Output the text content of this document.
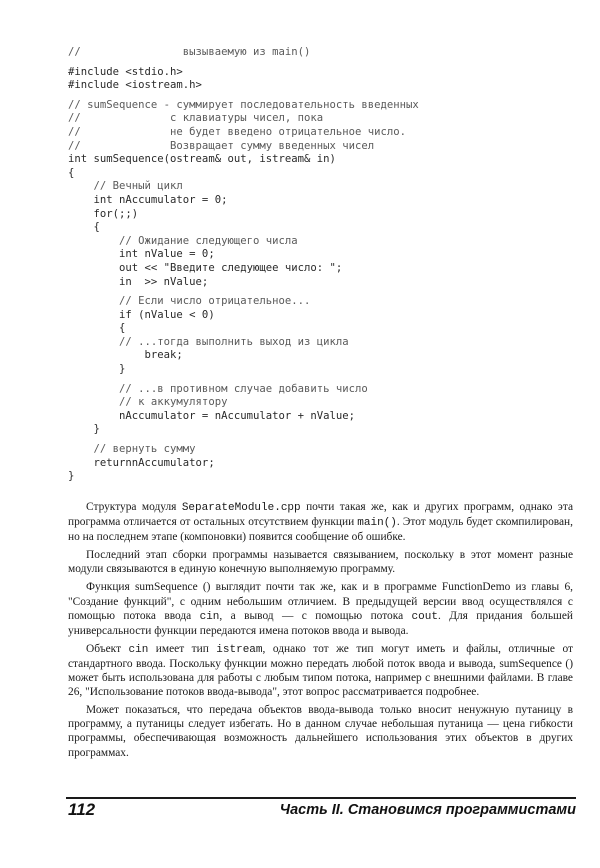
//                вызываемую из main()
#include <stdio.h>
#include <iostream.h>
// sumSequence - суммирует последовательность введенных
//              с клавиатуры чисел, пока
//              не будет введено отрицательное число.
//              Возвращает сумму введенных чисел
int sumSequence(ostream& out, istream& in)
{
// Вечный цикл
int nAccumulator = 0;
for(;;)
{
// Ожидание следующего числа
int nValue = 0;
out << "Введите следующее число: ";
in  >> nValue;
// Если число отрицательное...
if (nValue < 0)
{
// ...тогда выполнить выход из цикла
break;
}
// ...в противном случае добавить число
// к аккумулятору
nAccumulator = nAccumulator + nValue;
}
// вернуть сумму
returnnAccumulator;
}

Структура модуля SeparateModule.cpp почти такая же, как и других программ, однако эта программа отличается от остальных отсутствием функции main(). Этот модуль будет скомпилирован, но на последнем этапе (компоновки) появится сообщение об ошибке.

Последний этап сборки программы называется связыванием, поскольку в этот момент разные модули связываются в единую конечную выполняемую программу.

Функция sumSequence () выглядит почти так же, как и в программе FunctionDemo из главы 6, "Создание функций", с одним небольшим отличием. В предыдущей версии ввод осуществлялся с помощью потока ввода cin, а вывод — с помощью потока cout. Для придания большей универсальности функции передаются имена потоков ввода и вывода.

Объект cin имеет тип istream, однако тот же тип могут иметь и файлы, отличные от стандартного ввода. Поскольку функции можно передать любой поток ввода и вывода, sumSequence () может быть использована для работы с любым типом потока, например с внешними файлами. В главе 26, "Использование потоков ввода-вывода", этот вопрос рассматривается подробнее.

Может показаться, что передача объектов ввода-вывода только вносит ненужную путаницу в программу, а путаницы следует избегать. Но в данном случае небольшая путаница — цена гибкости программы, обеспечивающая возможность дальнейшего использования этих объектов в других программах.

112	Часть II. Становимся программистами
